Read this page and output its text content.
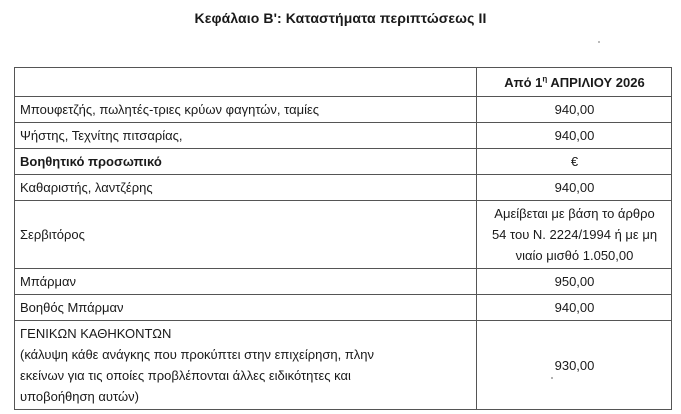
Κεφάλαιο Β': Καταστήματα περιπτώσεως ΙΙ
	Από $1^\eta$ ΑΠΡΙΛΙΟΥ 2026
Μπουφετζής, πωλητές-τριες κρύων φαγητών, ταμίες	940,00
Ψήστης, Τεχνίτης πιτσαρίας,	940,00
Βοηθητικό προσωπικό	€
Καθαριστής, λαντζέρης	940,00
Σερβιτόρος	Αμείβεται με βάση το άρθρο
54 του Ν. 2224/1994 ή με μη
νιαίο μισθό 1.050,00

Μπάρμαν	950,00
Βοηθός Μπάρμαν	940,00

ΓΕΝΙΚΩΝ ΚΑΘΗΚΟΝΤΩΝ
(κάλυψη κάθε ανάγκης που προκύπτει στην επιχείρηση, πλην
εκείνων για τις οποίες προβλέπονται άλλες ειδικότητες και
υποβοήθηση αυτών)	930,00
